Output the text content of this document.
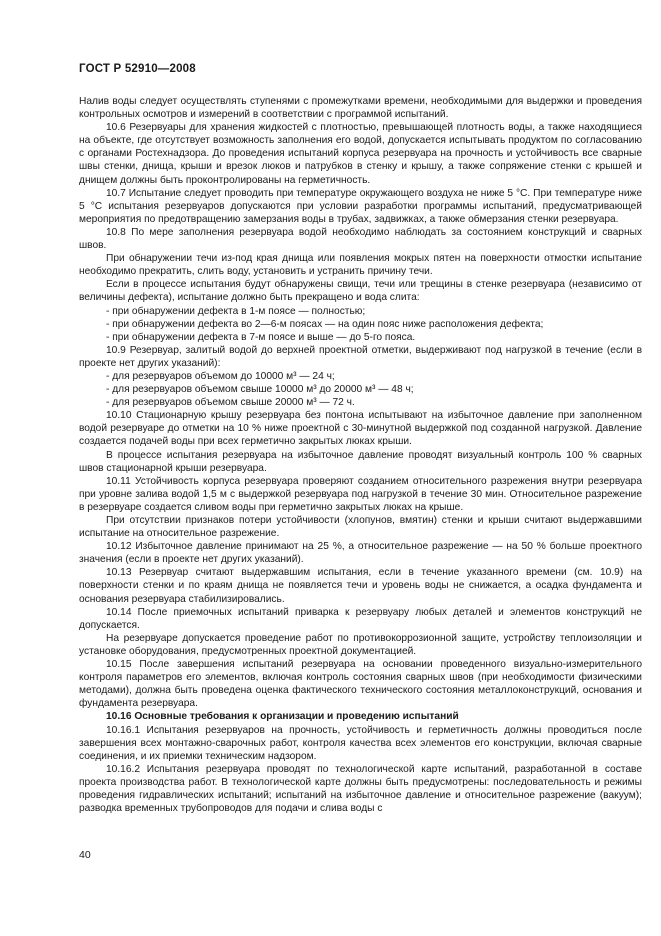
ГОСТ Р 52910—2008

Налив воды следует осуществлять ступенями с промежутками времени, необходимыми для выдержки и проведения контрольных осмотров и измерений в соответствии с программой испытаний.

10.6 Резервуары для хранения жидкостей с плотностью, превышающей плотность воды, а также находящиеся на объекте, где отсутствует возможность заполнения его водой, допускается испытывать продуктом по согласованию с органами Ростехнадзора. До проведения испытаний корпуса резервуара на прочность и устойчивость все сварные швы стенки, днища, крыши и врезок люков и патрубков в стенку и крышу, а также сопряжение стенки с крышей и днищем должны быть проконтролированы на герметичность.

10.7 Испытание следует проводить при температуре окружающего воздуха не ниже 5 °С. При температуре ниже 5 °С испытания резервуаров допускаются при условии разработки программы испытаний, предусматривающей мероприятия по предотвращению замерзания воды в трубах, задвижках, а также обмерзания стенки резервуара.

10.8 По мере заполнения резервуара водой необходимо наблюдать за состоянием конструкций и сварных швов.

При обнаружении течи из-под края днища или появления мокрых пятен на поверхности отмостки испытание необходимо прекратить, слить воду, установить и устранить причину течи.

Если в процессе испытания будут обнаружены свищи, течи или трещины в стенке резервуара (независимо от величины дефекта), испытание должно быть прекращено и вода слита:

- при обнаружении дефекта в 1-м поясе — полностью;

- при обнаружении дефекта во 2—6-м поясах — на один пояс ниже расположения дефекта;

- при обнаружении дефекта в 7-м поясе и выше — до 5-го пояса.

10.9 Резервуар, залитый водой до верхней проектной отметки, выдерживают под нагрузкой в течение (если в проекте нет других указаний):

- для резервуаров объемом до 10000 м³ — 24 ч;

- для резервуаров объемом свыше 10000 м³ до 20000 м³ — 48 ч;

- для резервуаров объемом свыше 20000 м³ — 72 ч.

10.10 Стационарную крышу резервуара без понтона испытывают на избыточное давление при заполненном водой резервуаре до отметки на 10 % ниже проектной с 30-минутной выдержкой под созданной нагрузкой. Давление создается подачей воды при всех герметично закрытых люках крыши.

В процессе испытания резервуара на избыточное давление проводят визуальный контроль 100 % сварных швов стационарной крыши резервуара.

10.11 Устойчивость корпуса резервуара проверяют созданием относительного разрежения внутри резервуара при уровне залива водой 1,5 м с выдержкой резервуара под нагрузкой в течение 30 мин. Относительное разрежение в резервуаре создается сливом воды при герметично закрытых люках на крыше.

При отсутствии признаков потери устойчивости (хлопунов, вмятин) стенки и крыши считают выдержавшими испытание на относительное разрежение.

10.12 Избыточное давление принимают на 25 %, а относительное разрежение — на 50 % больше проектного значения (если в проекте нет других указаний).

10.13 Резервуар считают выдержавшим испытания, если в течение указанного времени (см. 10.9) на поверхности стенки и по краям днища не появляется течи и уровень воды не снижается, а осадка фундамента и основания резервуара стабилизировались.

10.14 После приемочных испытаний приварка к резервуару любых деталей и элементов конструкций не допускается.

На резервуаре допускается проведение работ по противокоррозионной защите, устройству теплоизоляции и установке оборудования, предусмотренных проектной документацией.

10.15 После завершения испытаний резервуара на основании проведенного визуально-измерительного контроля параметров его элементов, включая контроль состояния сварных швов (при необходимости физическими методами), должна быть проведена оценка фактического технического состояния металлоконструкций, основания и фундамента резервуара.

10.16 Основные требования к организации и проведению испытаний

10.16.1 Испытания резервуаров на прочность, устойчивость и герметичность должны проводиться после завершения всех монтажно-сварочных работ, контроля качества всех элементов его конструкции, включая сварные соединения, и их приемки техническим надзором.

10.16.2 Испытания резервуара проводят по технологической карте испытаний, разработанной в составе проекта производства работ. В технологической карте должны быть предусмотрены: последовательность и режимы проведения гидравлических испытаний; испытаний на избыточное давление и относительное разрежение (вакуум); разводка временных трубопроводов для подачи и слива воды с

40
